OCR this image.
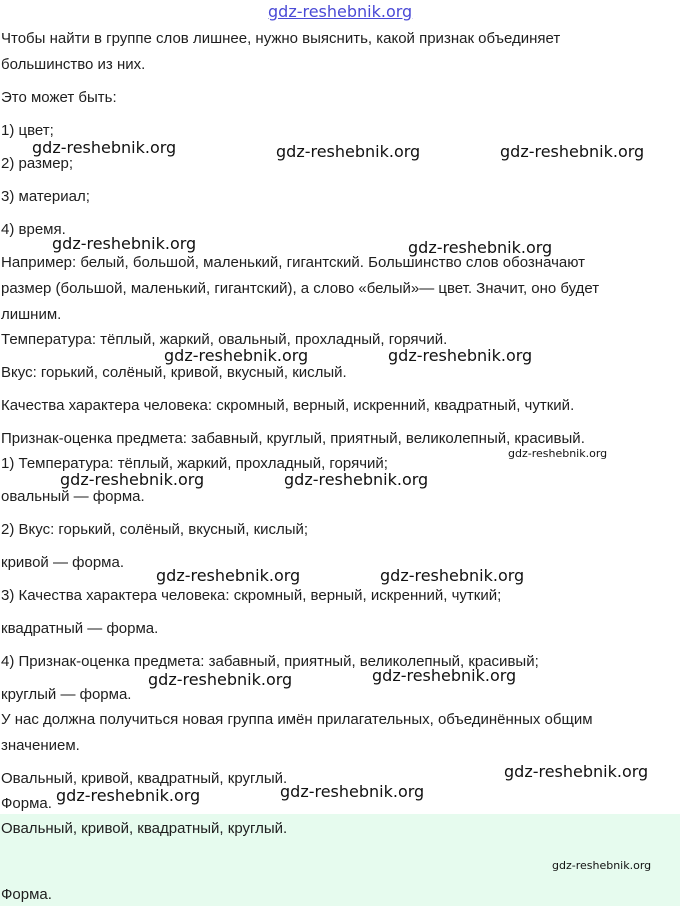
Чтобы найти в группе слов лишнее, нужно выяснить, какой признак объединяет
большинство из них.
Это может быть:
1) цвет;
2) размер;
3) материал;
4) время.
Например: белый, большой, маленький, гигантский. Большинство слов обозначают
размер (большой, маленький, гигантский), а слово «белый»— цвет. Значит, оно будет
лишним.
Температура: тёплый, жаркий, овальный, прохладный, горячий.
Вкус: горький, солёный, кривой, вкусный, кислый.
Качества характера человека: скромный, верный, искренний, квадратный, чуткий.
Признак-оценка предмета: забавный, круглый, приятный, великолепный, красивый.
1) Температура: тёплый, жаркий, прохладный, горячий;
овальный — форма.
2) Вкус: горький, солёный, вкусный, кислый;
кривой — форма.
3) Качества характера человека: скромный, верный, искренний, чуткий;
квадратный — форма.
4) Признак-оценка предмета: забавный, приятный, великолепный, красивый;
круглый — форма.
У нас должна получиться новая группа имён прилагательных, объединённых общим
значением.
Овальный, кривой, квадратный, круглый.
Форма.
Овальный, кривой, квадратный, круглый.
Форма.
gdz-reshebnik.org
gdz-reshebnik.org	gdz-reshebnik.org	gdz-reshebnik.org
gdz-reshebnik.org	gdz-reshebnik.org
gdz-reshebnik.org	gdz-reshebnik.org
gdz-reshebnik.org
gdz-reshebnik.org	gdz-reshebnik.org
gdz-reshebnik.org	gdz-reshebnik.org
gdz-reshebnik.org	gdz-reshebnik.org
gdz-reshebnik.org
gdz-reshebnik.org	gdz-reshebnik.org
gdz-reshebnik.org
